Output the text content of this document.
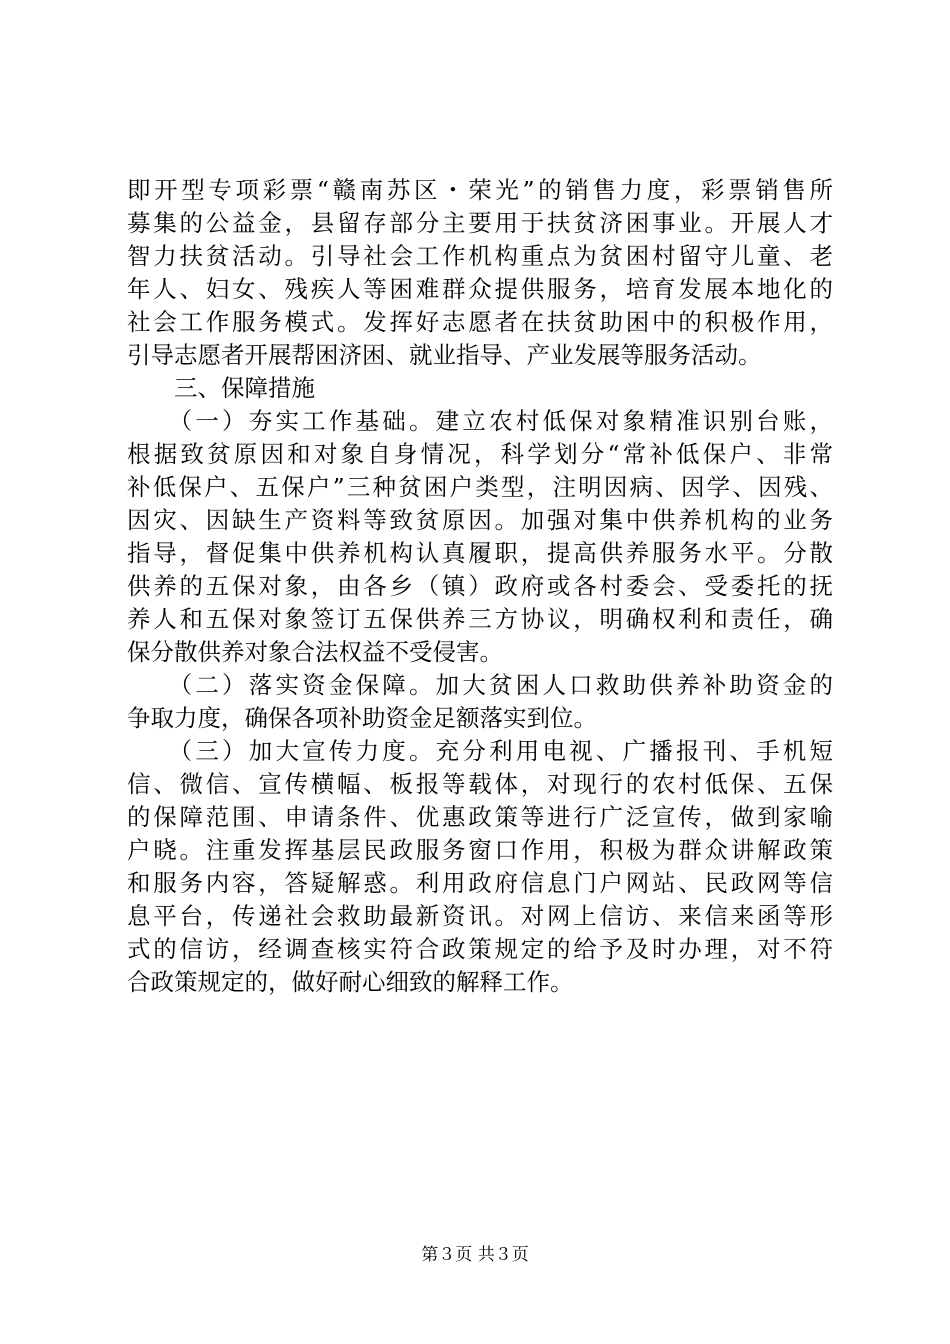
即开型专项彩票“赣南苏区・荣光”的销售力度，彩票销售所
募集的公益金，县留存部分主要用于扶贫济困事业。开展人才
智力扶贫活动。引导社会工作机构重点为贫困村留守儿童、老
年人、妇女、残疾人等困难群众提供服务，培育发展本地化的
社会工作服务模式。发挥好志愿者在扶贫助困中的积极作用，
引导志愿者开展帮困济困、就业指导、产业发展等服务活动。
　　三、保障措施
　　（一）夯实工作基础。建立农村低保对象精准识别台账，
根据致贫原因和对象自身情况，科学划分“常补低保户、非常
补低保户、五保户”三种贫困户类型，注明因病、因学、因残、
因灾、因缺生产资料等致贫原因。加强对集中供养机构的业务
指导，督促集中供养机构认真履职，提高供养服务水平。分散
供养的五保对象，由各乡（镇）政府或各村委会、受委托的抚
养人和五保对象签订五保供养三方协议，明确权利和责任，确
保分散供养对象合法权益不受侵害。
　　（二）落实资金保障。加大贫困人口救助供养补助资金的
争取力度，确保各项补助资金足额落实到位。
　　（三）加大宣传力度。充分利用电视、广播报刊、手机短
信、微信、宣传横幅、板报等载体，对现行的农村低保、五保
的保障范围、申请条件、优惠政策等进行广泛宣传，做到家喻
户晓。注重发挥基层民政服务窗口作用，积极为群众讲解政策
和服务内容，答疑解惑。利用政府信息门户网站、民政网等信
息平台，传递社会救助最新资讯。对网上信访、来信来函等形
式的信访，经调查核实符合政策规定的给予及时办理，对不符
合政策规定的，做好耐心细致的解释工作。
第３页 共３页
